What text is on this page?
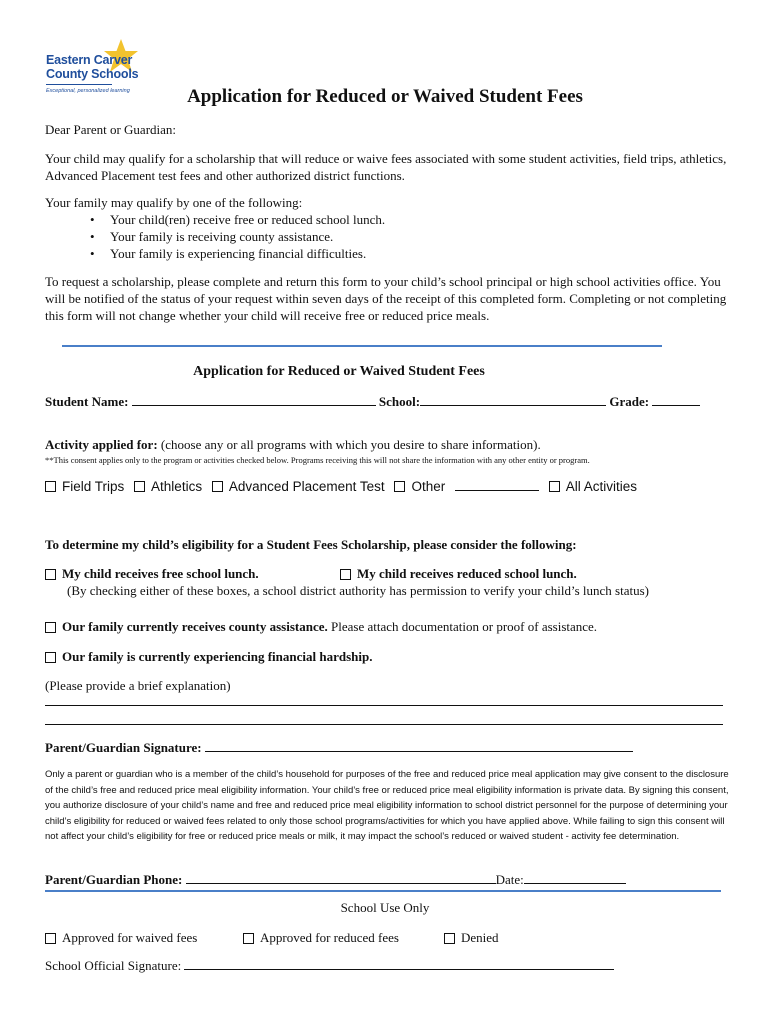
Eastern Carver
County Schools
Exceptional, personalized learning	Application for Reduced or Waived Student Fees
Dear Parent or Guardian:
Your child may qualify for a scholarship that will reduce or waive fees associated with some student activities, field trips, athletics, Advanced Placement test fees and other authorized district functions.
Your family may qualify by one of the following:
• Your child(ren) receive free or reduced school lunch.
• Your family is receiving county assistance.
• Your family is experiencing financial difficulties.
To request a scholarship, please complete and return this form to your child’s school principal or high school activities office. You will be notified of the status of your request within seven days of the receipt of this completed form. Completing or not completing this form will not change whether your child will receive free or reduced price meals.
Application for Reduced or Waived Student Fees
Student Name:	School:	Grade:
Activity applied for: (choose any or all programs with which you desire to share information).
**This consent applies only to the program or activities checked below. Programs receiving this will not share the information with any other entity or program.
Field Trips Athletics Advanced Placement Test Other	All Activities
To determine my child’s eligibility for a Student Fees Scholarship, please consider the following:
My child receives free school lunch.	My child receives reduced school lunch.
(By checking either of these boxes, a school district authority has permission to verify your child’s lunch status)
Our family currently receives county assistance. Please attach documentation or proof of assistance.
Our family is currently experiencing financial hardship.
(Please provide a brief explanation)
Parent/Guardian Signature:
Only a parent or guardian who is a member of the child’s household for purposes of the free and reduced price meal application may give consent to the disclosure of the child’s free and reduced price meal eligibility information. Your child’s free or reduced price meal eligibility information is private data. By signing this consent, you authorize disclosure of your child’s name and free and reduced price meal eligibility information to school district personnel for the purpose of determining your child’s eligibility for reduced or waived fees related to only those school programs/activities for which you have applied above. While failing to sign this consent will not affect your child’s eligibility for free or reduced price meals or milk, it may impact the school’s reduced or waived student - activity fee determination.
Parent/Guardian Phone:	Date:
School Use Only
Approved for waived fees	Approved for reduced fees	Denied
School Official Signature:
